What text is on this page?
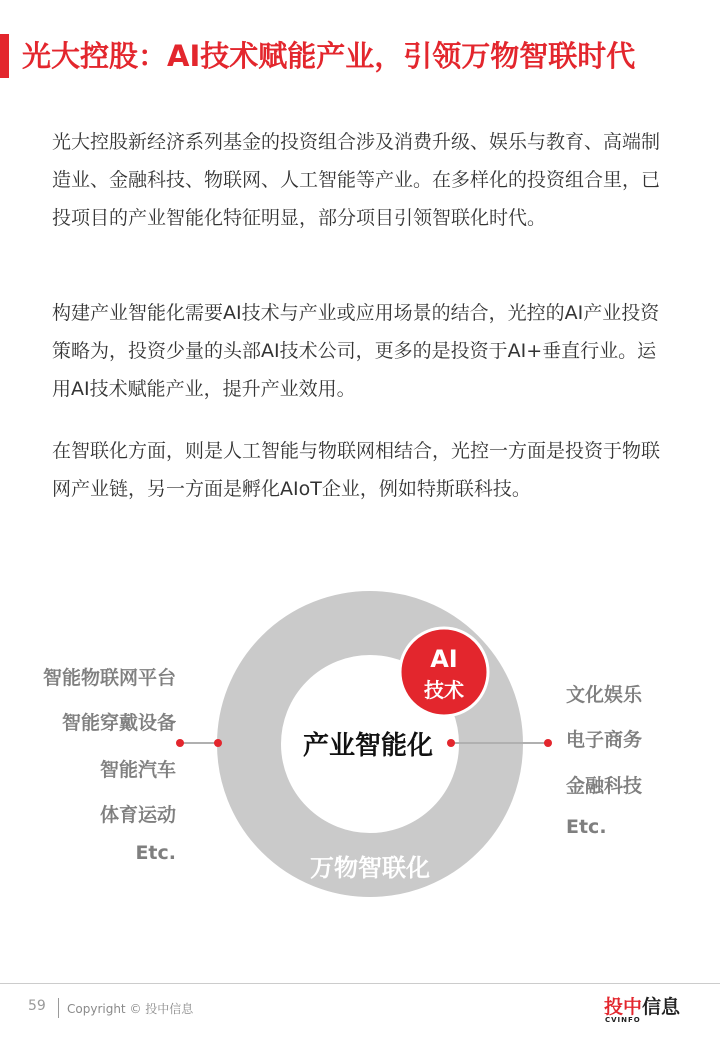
光大控股：AI技术赋能产业，引领万物智联时代
光大控股新经济系列基金的投资组合涉及消费升级、娱乐与教育、高端制造业、金融科技、物联网、人工智能等产业。在多样化的投资组合里，已投项目的产业智能化特征明显，部分项目引领智联化时代。
构建产业智能化需要AI技术与产业或应用场景的结合，光控的AI产业投资策略为，投资少量的头部AI技术公司，更多的是投资于AI+垂直行业。运用AI技术赋能产业，提升产业效用。
在智联化方面，则是人工智能与物联网相结合，光控一方面是投资于物联网产业链，另一方面是孵化AIoT企业，例如特斯联科技。
AI
技术
产业智能化
万物智联化
智能物联网平台
智能穿戴设备
智能汽车
体育运动
Etc.
文化娱乐
电子商务
金融科技
Etc.
59 Copyright © 投中信息	投中信息
CVINFO
